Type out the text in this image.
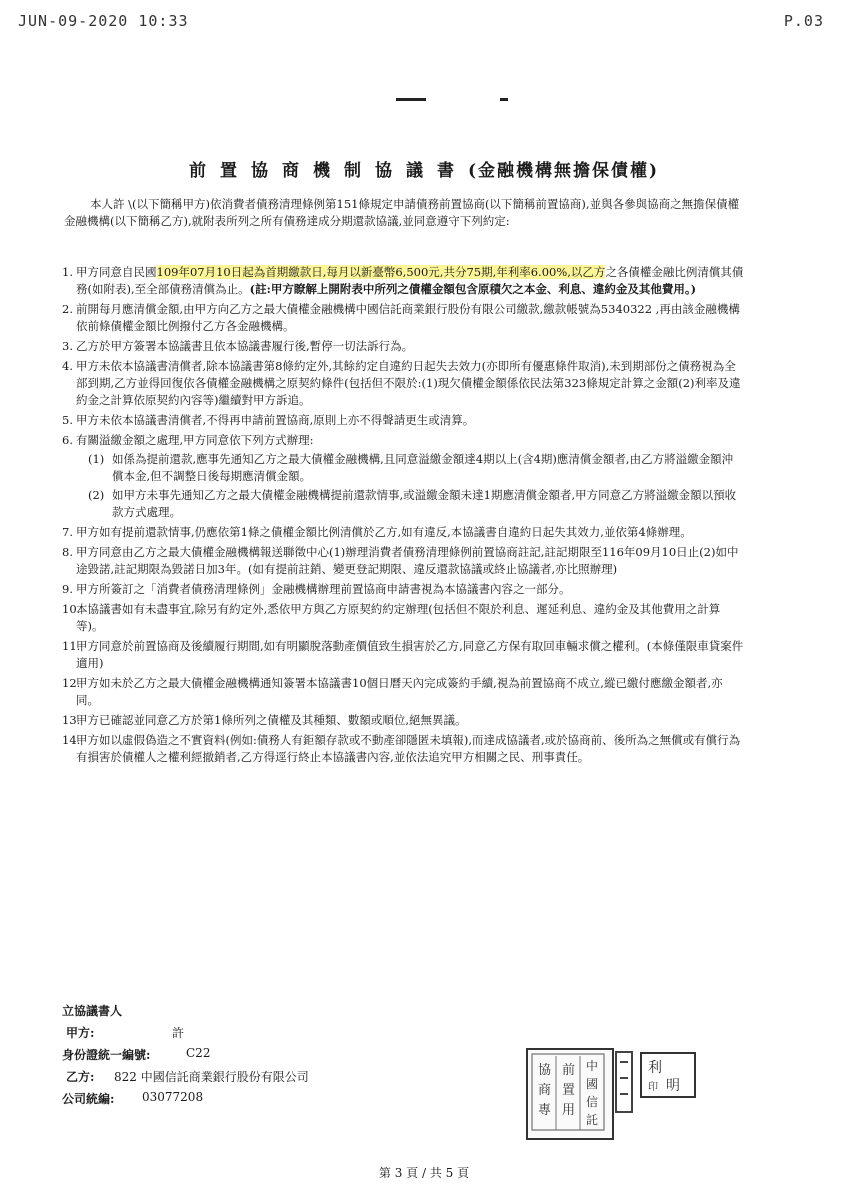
JUN-09-2020 10:33	P.03
前置協商機制協議書(金融機構無擔保債權)

本人許 \(以下簡稱甲方)依消費者債務清理條例第151條規定申請債務前置協商(以下簡稱前置協商),並與各參與協商之無擔保債權金融機構(以下簡稱乙方),就附表所列之所有債務達成分期還款協議,並同意遵守下列約定:

1. 甲方同意自民國109年07月10日起為首期繳款日,每月以新臺幣6,500元,共分75期,年利率6.00%,以乙方之各債權金融比例清償其債務(如附表),至全部債務清償為止。(註:甲方瞭解上開附表中所列之債權金額包含原積欠之本金、利息、違約金及其他費用。)
2. 前開每月應清償金額,由甲方向乙方之最大債權金融機構中國信託商業銀行股份有限公司繳款,繳款帳號為5340322 ,再由該金融機構依前條債權金額比例撥付乙方各金融機構。
3. 乙方於甲方簽署本協議書且依本協議書履行後,暫停一切法訴行為。
4. 甲方未依本協議書清償者,除本協議書第8條約定外,其餘約定自違約日起失去效力(亦即所有優惠條件取消),未到期部份之債務視為全部到期,乙方並得回復依各債權金融機構之原契約條件(包括但不限於:(1)現欠債權金額係依民法第323條規定計算之金額(2)利率及違約金之計算依原契約內容等)繼續對甲方訴追。
5. 甲方未依本協議書清償者,不得再申請前置協商,原則上亦不得聲請更生或清算。
6. 有關溢繳金額之處理,甲方同意依下列方式辦理:
(1) 如係為提前還款,應事先通知乙方之最大債權金融機構,且同意溢繳金額達4期以上(含4期)應清償金額者,由乙方將溢繳金額沖償本金,但不調整日後每期應清償金額。
(2) 如甲方未事先通知乙方之最大債權金融機構提前還款情事,或溢繳金額未達1期應清償金額者,甲方同意乙方將溢繳金額以預收款方式處理。
7. 甲方如有提前還款情事,仍應依第1條之債權金額比例清償於乙方,如有違反,本協議書自違約日起失其效力,並依第4條辦理。
8. 甲方同意由乙方之最大債權金融機構報送聯徵中心(1)辦理消費者債務清理條例前置協商註記,註記期限至116年09月10日止(2)如中途毀諾,註記期限為毀諾日加3年。(如有提前註銷、變更登記期限、違反還款協議或終止協議者,亦比照辦理)
9. 甲方所簽訂之「消費者債務清理條例」金融機構辦理前置協商申請書視為本協議書內容之一部分。
10.
本協議書如有未盡事宜,除另有約定外,悉依甲方與乙方原契約約定辦理(包括但不限於利息、遲延利息、違約金及其他費用之計算等)。
11.
甲方同意於前置協商及後續履行期間,如有明顯脫落動產價值致生損害於乙方,同意乙方保有取回車輛求償之權利。(本條僅限車貸案件適用)
12.
甲方如未於乙方之最大債權金融機構通知簽署本協議書10個日曆天內完成簽約手續,視為前置協商不成立,縱已繳付應繳金額者,亦同。
13.
甲方已確認並同意乙方於第1條所列之債權及其種類、數額或順位,絕無異議。
14.
甲方如以虛假偽造之不實資料(例如:債務人有鉅額存款或不動產卻隱匿未填報),而達成協議者,或於協商前、後所為之無償或有償行為有損害於債權人之權利經撤銷者,乙方得逕行終止本協議書內容,並依法追究甲方相關之民、刑事責任。
立協議書人
甲方:	許
身份證統一編號:	C22
乙方: 822 中國信託商業銀行股份有限公司
公司統編: 03077208
協
商
專
前
置
用
中
國
信
託
利
明
印
第 3 頁 / 共 5 頁
